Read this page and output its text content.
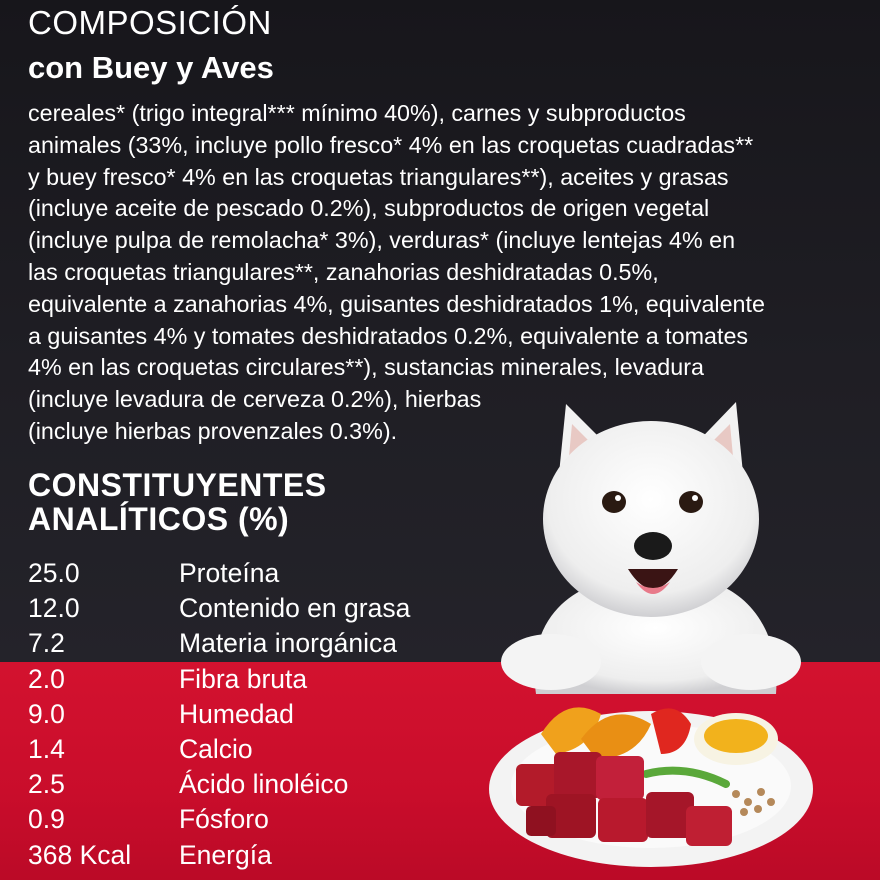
COMPOSICIÓN
con Buey y Aves

cereales* (trigo integral*** mínimo 40%), carnes y subproductos
animales (33%, incluye pollo fresco* 4% en las croquetas cuadradas**
y buey fresco* 4% en las croquetas triangulares**), aceites y grasas
(incluye aceite de pescado 0.2%), subproductos de origen vegetal
(incluye pulpa de remolacha* 3%), verduras* (incluye lentejas 4% en
las croquetas triangulares**, zanahorias deshidratadas 0.5%,
equivalente a zanahorias 4%, guisantes deshidratados 1%, equivalente
a guisantes 4% y tomates deshidratados 0.2%, equivalente a tomates
4% en las croquetas circulares**), sustancias minerales, levadura
(incluye levadura de cerveza 0.2%), hierbas
(incluye hierbas provenzales 0.3%).

CONSTITUYENTES
ANALÍTICOS (%)
25.0	Proteína
12.0	Contenido en grasa
7.2	Materia inorgánica
2.0	Fibra bruta
9.0	Humedad
1.4	Calcio
2.5	Ácido linoléico
0.9	Fósforo
368 Kcal	Energía
